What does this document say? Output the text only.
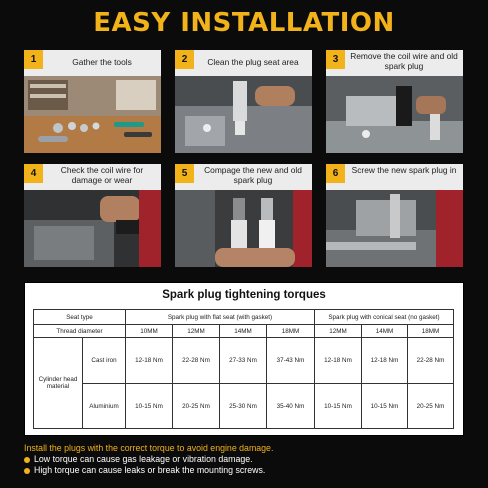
EASY INSTALLATION
1	Gather the tools	2	Clean the plug seat area	3	Remove the coil wire and old spark plug
4	Check the coil wire for damage or wear
5	Compage the new and old spark plug
6	Screw the new spark plug in
Spark plug tightening torques
Seat type	Spark plug with flat seat (with gasket)	Spark plug with conical seat (no gasket)
Thread diameter	10MM	12MM	14MM	18MM	12MM	14MM	18MM
Cylinder head material
Cast iron	12-18 Nm	22-28 Nm	27-33 Nm	37-43 Nm	12-18 Nm	12-18 Nm	22-28 Nm
Aluminium	10-15 Nm	20-25 Nm	25-30 Nm	35-40 Nm	10-15 Nm	10-15 Nm	20-25 Nm
Install the plugs with the correct torque to avoid engine damage.
Low torque can cause gas leakage or vibration damage.
High torque can cause leaks or break the mounting screws.
